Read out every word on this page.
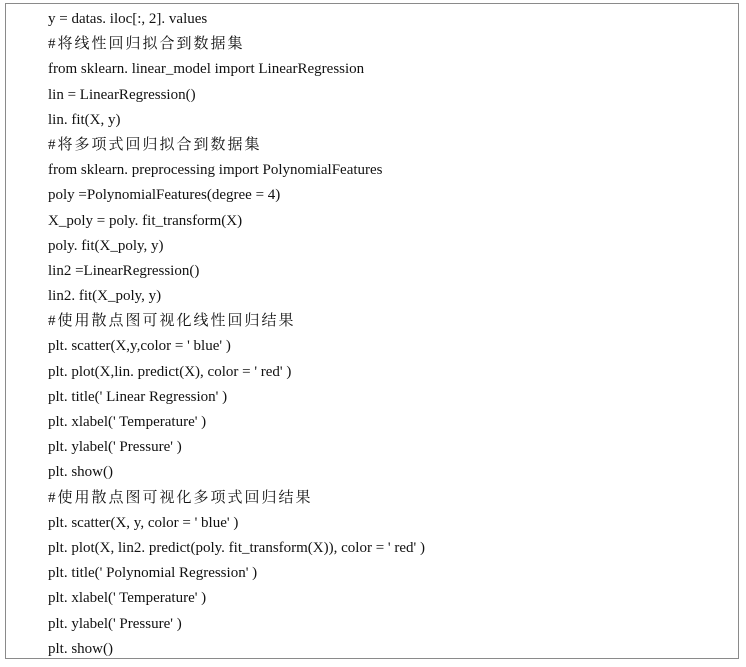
y = datas. iloc[:, 2]. values
#将线性回归拟合到数据集
from sklearn. linear_model import LinearRegression
lin = LinearRegression()
lin. fit(X, y)
#将多项式回归拟合到数据集
from sklearn. preprocessing import PolynomialFeatures
poly =PolynomialFeatures(degree = 4)
X_poly = poly. fit_transform(X)
poly. fit(X_poly, y)
lin2 =LinearRegression()
lin2. fit(X_poly, y)
#使用散点图可视化线性回归结果
plt. scatter(X,y,color = ' blue' )
plt. plot(X,lin. predict(X), color = ' red' )
plt. title(' Linear Regression' )
plt. xlabel(' Temperature' )
plt. ylabel(' Pressure' )
plt. show()
#使用散点图可视化多项式回归结果
plt. scatter(X, y, color = ' blue' )
plt. plot(X, lin2. predict(poly. fit_transform(X)), color = ' red' )
plt. title(' Polynomial Regression' )
plt. xlabel(' Temperature' )
plt. ylabel(' Pressure' )
plt. show()
